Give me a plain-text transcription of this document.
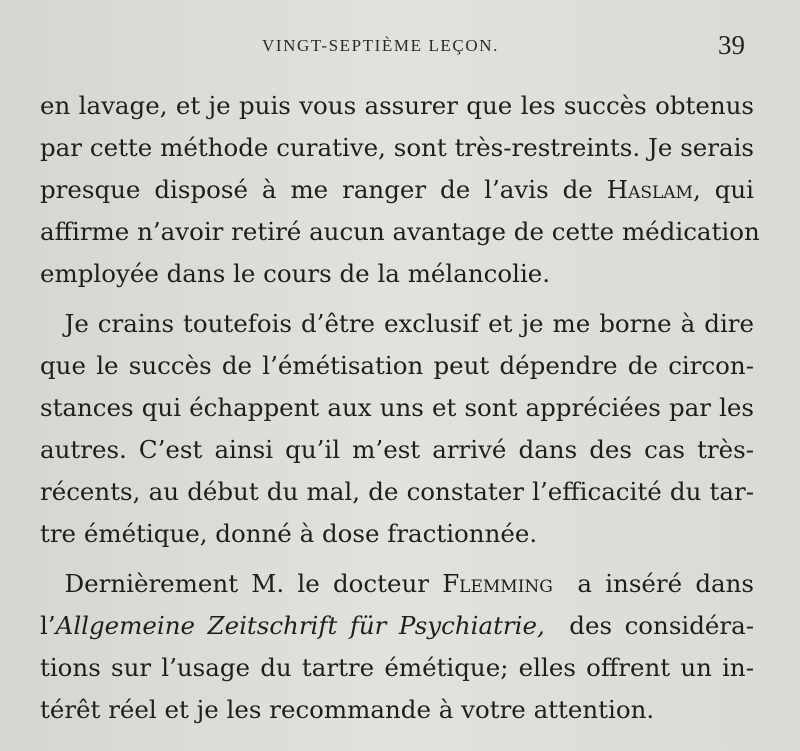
VINGT-SEPTIÈME LEÇON.	39
en lavage, et je puis vous assurer que les succès obtenus
par cette méthode curative, sont très-restreints. Je serais
presque disposé à me ranger de l’avis de Haslam, qui
affirme n’avoir retiré aucun avantage de cette médication
employée dans le cours de la mélancolie.
 Je crains toutefois d’être exclusif et je me borne à dire
que le succès de l’émétisation peut dépendre de circon-
stances qui échappent aux uns et sont appréciées par les
autres. C’est ainsi qu’il m’est arrivé dans des cas très-
récents, au début du mal, de constater l’efficacité du tar-
tre émétique, donné à dose fractionnée.
 Dernièrement M. le docteur Flemming a inséré dans
l’Allgemeine Zeitschrift für Psychiatrie, des considéra-
tions sur l’usage du tartre émétique; elles offrent un in-
térêt réel et je les recommande à votre attention.
